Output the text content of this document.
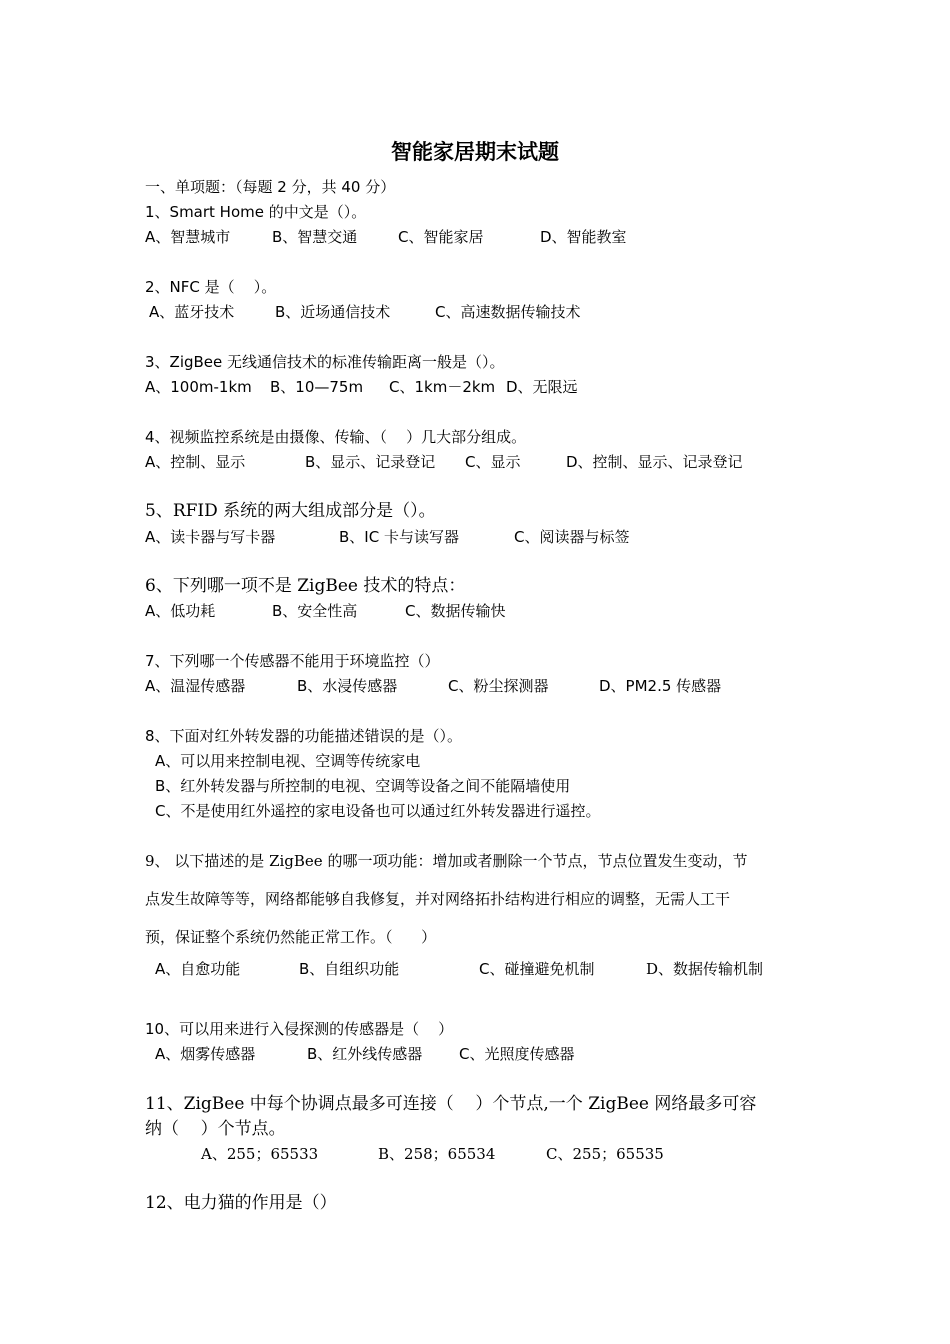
智能家居期末试题
一、单项题：（每题 2 分，共 40 分）
1、Smart Home 的中文是（）。
A、智慧城市	B、智慧交通	C、智能家居	D、智能教室
2、NFC 是（    ）。
A、蓝牙技术	B、近场通信技术	C、高速数据传输技术
3、ZigBee 无线通信技术的标准传输距离一般是（）。
A、100m-1km B、10—75m C、1km－2km D、无限远
4、视频监控系统是由摄像、传输、（    ）几大部分组成。
A、控制、显示	B、显示、记录登记 C、显示	D、控制、显示、记录登记
5、RFID 系统的两大组成部分是（）。
A、读卡器与写卡器	B、IC 卡与读写器	C、阅读器与标签
6、下列哪一项不是 ZigBee 技术的特点：
A、低功耗	B、安全性高	C、数据传输快
7、下列哪一个传感器不能用于环境监控（）
A、温湿传感器	B、水浸传感器	C、粉尘探测器	D、PM2.5 传感器
8、下面对红外转发器的功能描述错误的是（）。
A、可以用来控制电视、空调等传统家电
B、红外转发器与所控制的电视、空调等设备之间不能隔墙使用
C、不是使用红外遥控的家电设备也可以通过红外转发器进行遥控。
9、 以下描述的是 ZigBee 的哪一项功能：增加或者删除一个节点，节点位置发生变动，节
点发生故障等等，网络都能够自我修复，并对网络拓扑结构进行相应的调整，无需人工干
预，保证整个系统仍然能正常工作。（      ）
A、自愈功能	B、自组织功能	C、碰撞避免机制	D、数据传输机制
10、可以用来进行入侵探测的传感器是（    ）
A、烟雾传感器	B、红外线传感器 C、光照度传感器
11、ZigBee 中每个协调点最多可连接（    ）个节点,一个 ZigBee 网络最多可容
纳（    ）个节点。
A、255；65533	B、258；65534	C、255；65535
12、电力猫的作用是（）
